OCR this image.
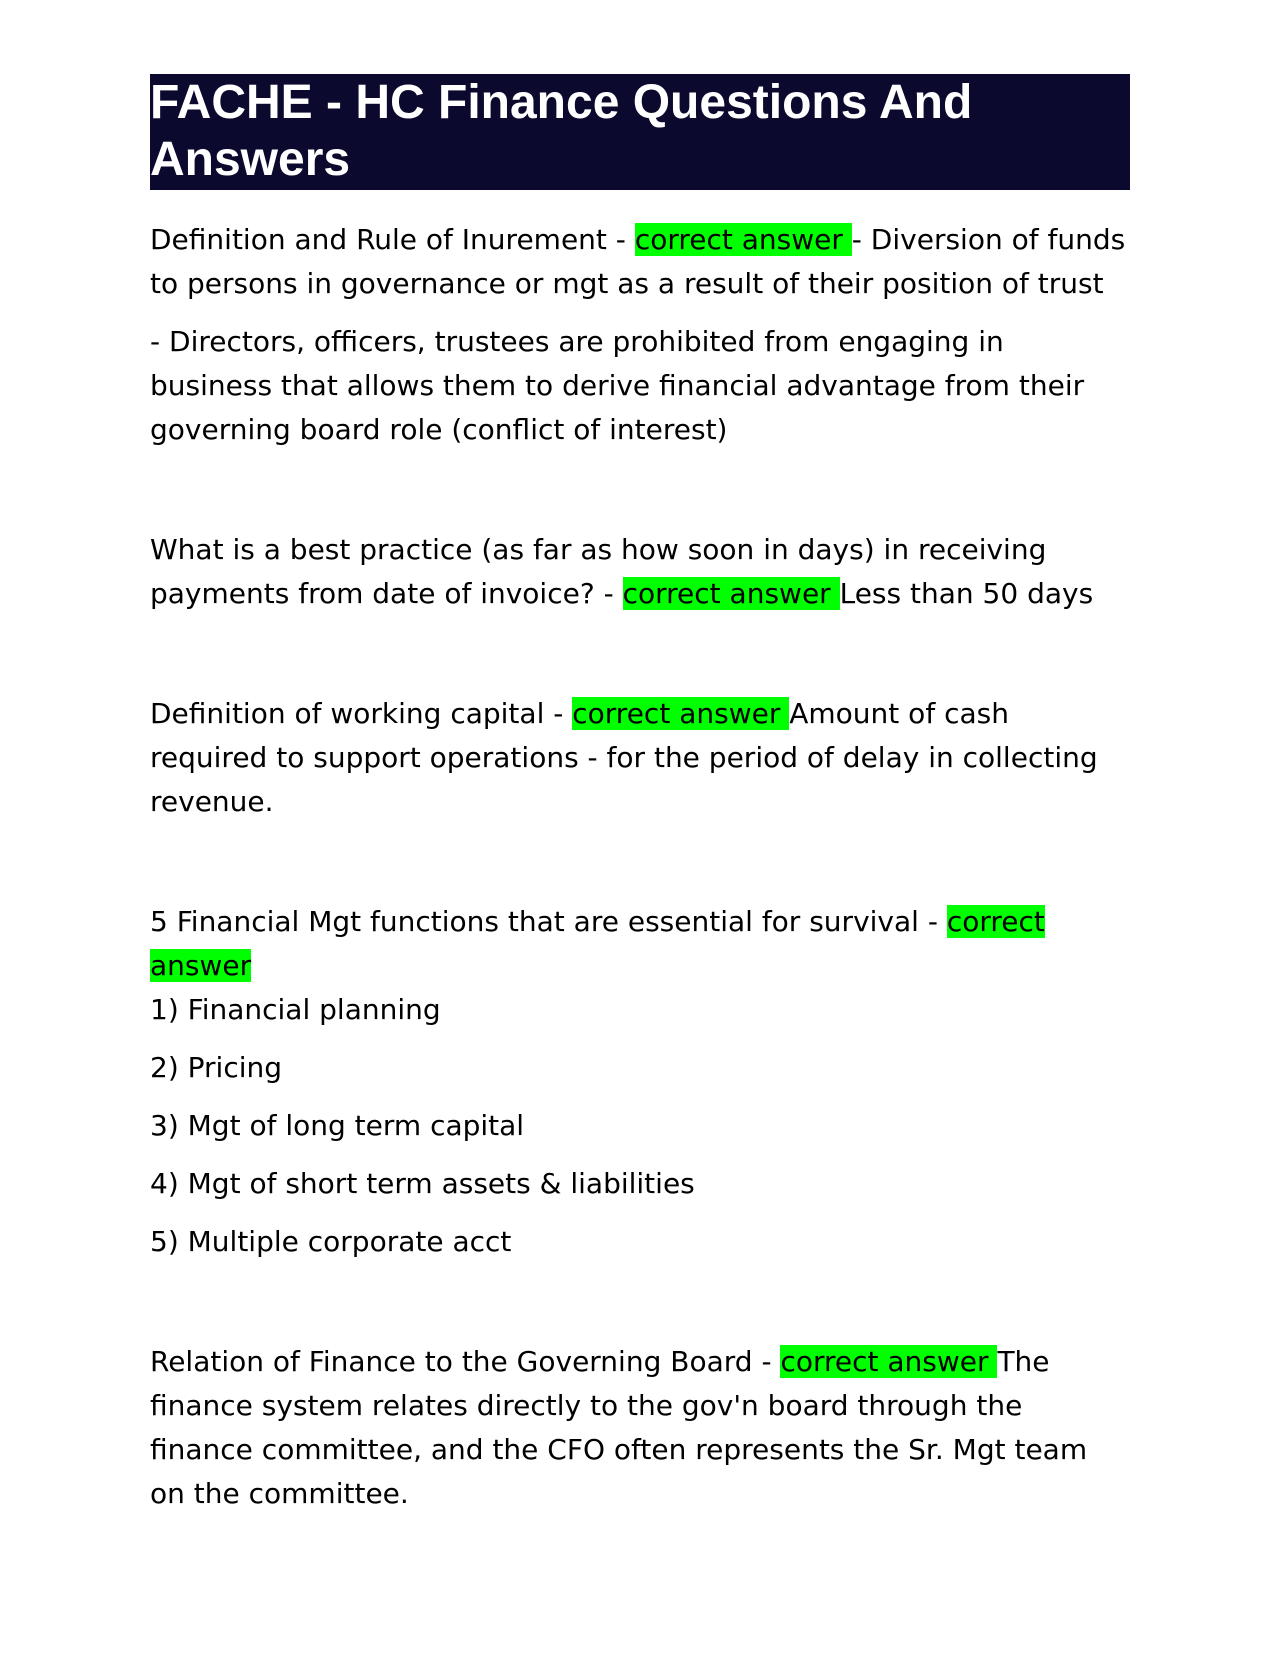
FACHE - HC Finance Questions And Answers

Definition and Rule of Inurement - correct answer - Diversion of funds to persons in governance or mgt as a result of their position of trust

- Directors, officers, trustees are prohibited from engaging in business that allows them to derive financial advantage from their governing board role (conflict of interest)

What is a best practice (as far as how soon in days) in receiving payments from date of invoice? - correct answer Less than 50 days

Definition of working capital - correct answer Amount of cash required to support operations - for the period of delay in collecting revenue.

5 Financial Mgt functions that are essential for survival - correct answer

1) Financial planning

2) Pricing

3) Mgt of long term capital

4) Mgt of short term assets & liabilities

5) Multiple corporate acct

Relation of Finance to the Governing Board - correct answer The finance system relates directly to the gov'n board through the finance committee, and the CFO often represents the Sr. Mgt team on the committee.
